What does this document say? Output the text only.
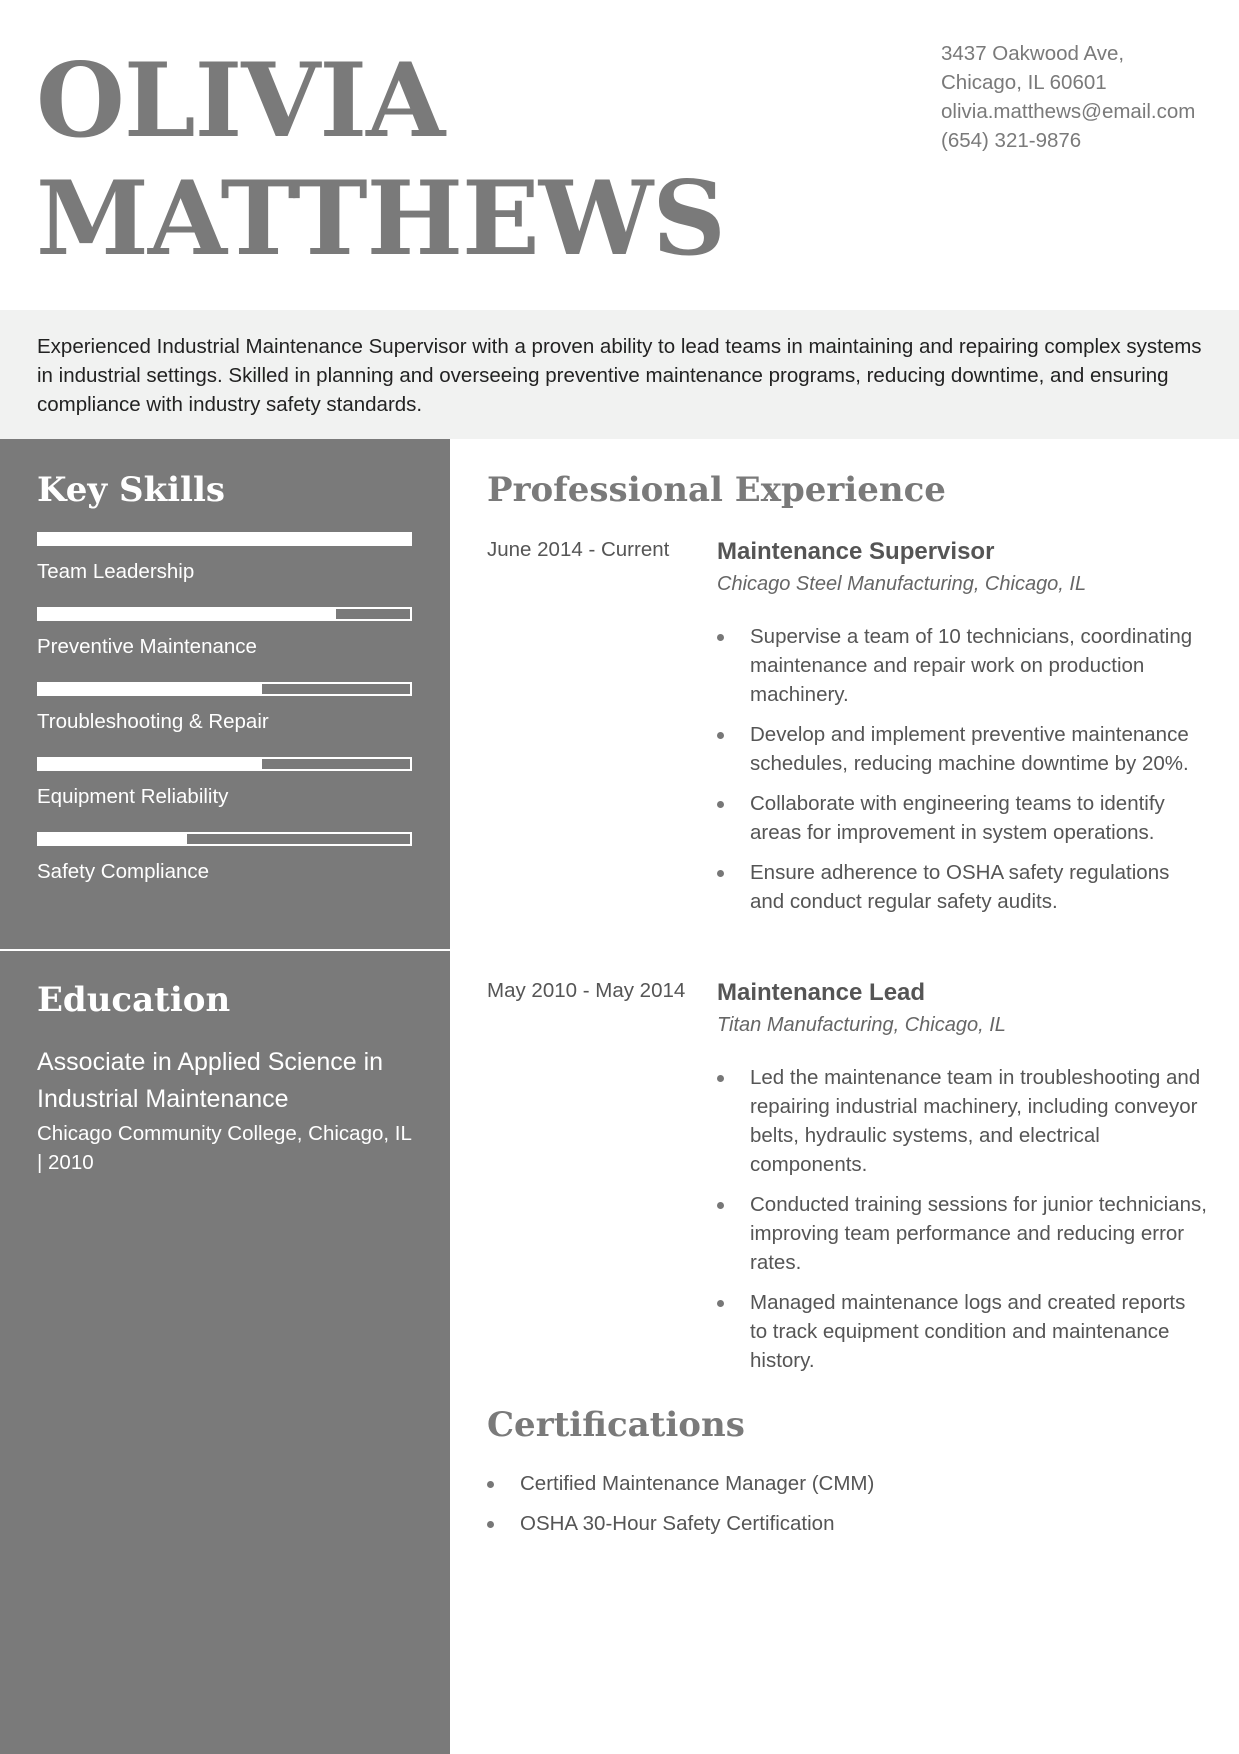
OLIVIA
MATTHEWS
3437 Oakwood Ave,
Chicago, IL 60601
olivia.matthews@email.com
(654) 321-9876

Experienced Industrial Maintenance Supervisor with a proven ability to lead teams in maintaining and repairing complex systems in industrial settings. Skilled in planning and overseeing preventive maintenance programs, reducing downtime, and ensuring compliance with industry safety standards.

Key Skills
Team Leadership
Preventive Maintenance
Troubleshooting & Repair
Equipment Reliability
Safety Compliance
Education
Associate in Applied Science in Industrial Maintenance
Chicago Community College, Chicago, IL | 2010
Professional Experience
June 2014 - Current	Maintenance Supervisor
Chicago Steel Manufacturing, Chicago, IL
Supervise a team of 10 technicians, coordinating maintenance and repair work on production machinery.
Develop and implement preventive maintenance schedules, reducing machine downtime by 20%.
Collaborate with engineering teams to identify areas for improvement in system operations.
Ensure adherence to OSHA safety regulations and conduct regular safety audits.
May 2010 - May 2014 Maintenance Lead
Titan Manufacturing, Chicago, IL
Led the maintenance team in troubleshooting and repairing industrial machinery, including conveyor belts, hydraulic systems, and electrical components.
Conducted training sessions for junior technicians, improving team performance and reducing error rates.
Managed maintenance logs and created reports to track equipment condition and maintenance history.
Certifications
Certified Maintenance Manager (CMM)
OSHA 30-Hour Safety Certification
